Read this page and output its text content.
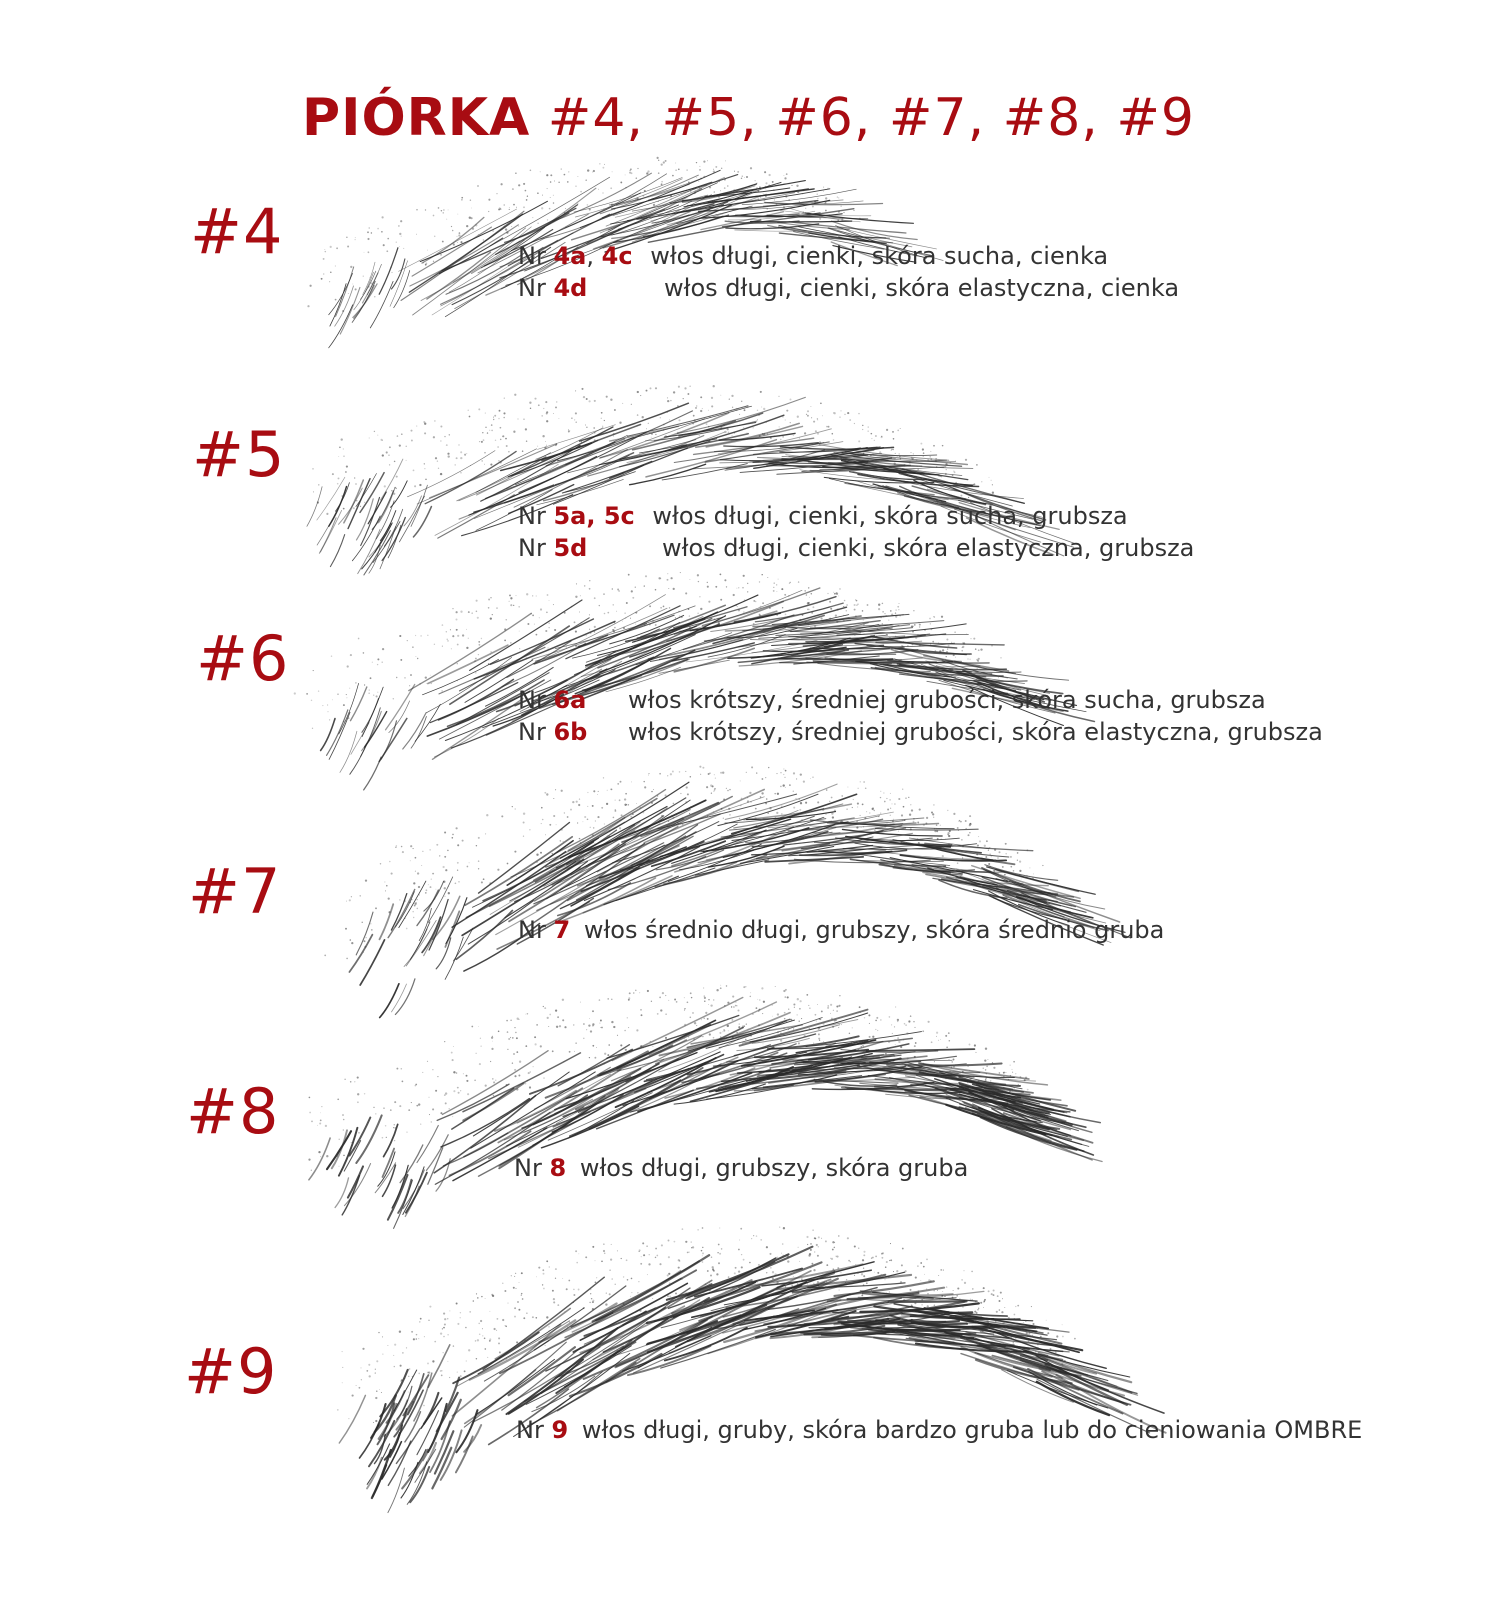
PIÓRKA #4, #5, #6, #7, #8, #9
#4	Nr 4a, 4c włos długi, cienki, skóra sucha, cienka
Nr 4d	włos długi, cienki, skóra elastyczna, cienka
#5
Nr 5a, 5c włos długi, cienki, skóra sucha, grubsza
Nr 5d	włos długi, cienki, skóra elastyczna, grubsza
#6
Nr 6a włos krótszy, średniej grubości, skóra sucha, grubsza
Nr 6b włos krótszy, średniej grubości, skóra elastyczna, grubsza
#7
Nr 7 włos średnio długi, grubszy, skóra średnio gruba
#8
Nr 8 włos długi, grubszy, skóra gruba
#9
Nr 9 włos długi, gruby, skóra bardzo gruba lub do cieniowania OMBRE
